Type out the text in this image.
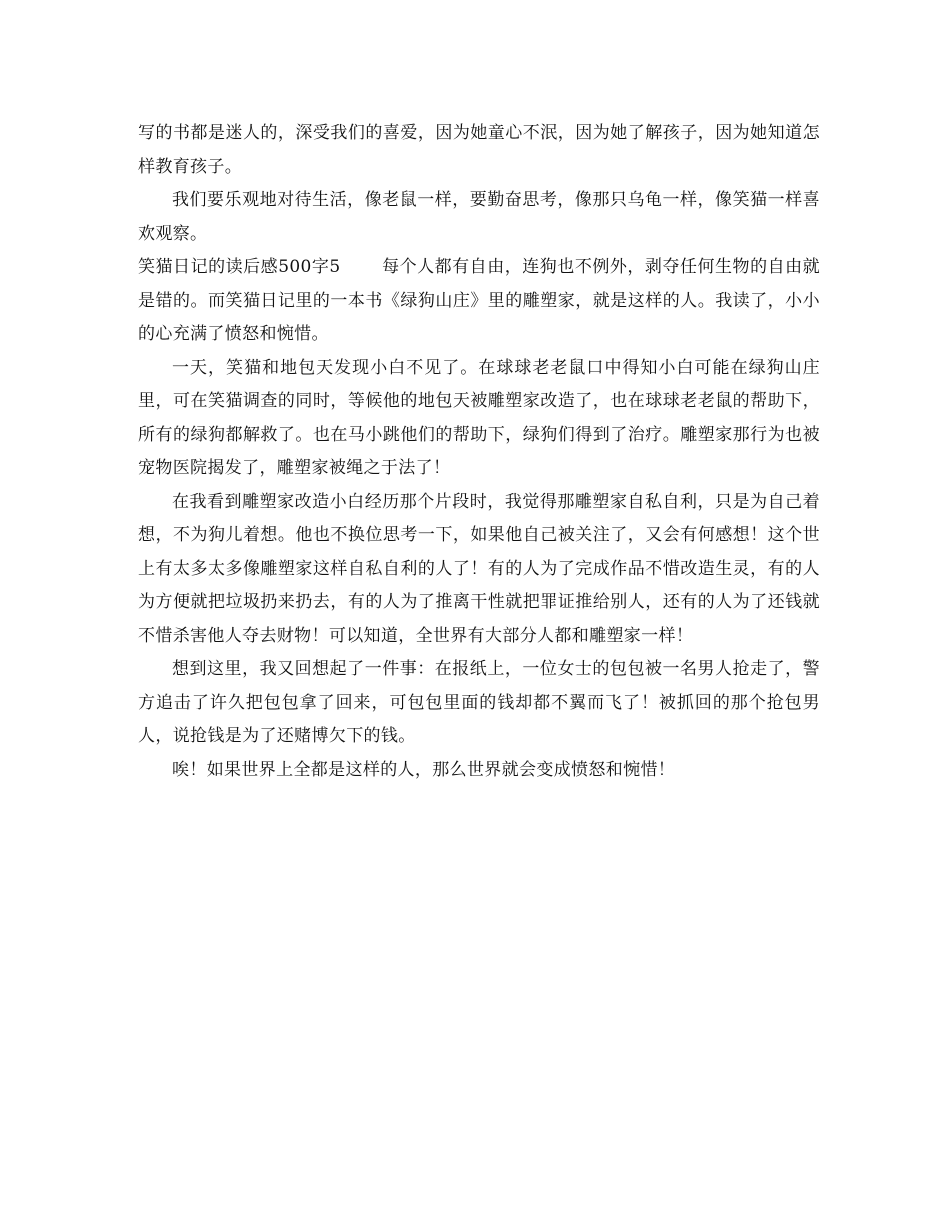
写的书都是迷人的，深受我们的喜爱，因为她童心不泯，因为她了解孩子，因为她知道怎样教育孩子。

我们要乐观地对待生活，像老鼠一样，要勤奋思考，像那只乌龟一样，像笑猫一样喜欢观察。

笑猫日记的读后感500字5 每个人都有自由，连狗也不例外，剥夺任何生物的自由就是错的。而笑猫日记里的一本书《绿狗山庄》里的雕塑家，就是这样的人。我读了，小小的心充满了愤怒和惋惜。

一天，笑猫和地包天发现小白不见了。在球球老老鼠口中得知小白可能在绿狗山庄里，可在笑猫调查的同时，等候他的地包天被雕塑家改造了，也在球球老老鼠的帮助下，所有的绿狗都解救了。也在马小跳他们的帮助下，绿狗们得到了治疗。雕塑家那行为也被宠物医院揭发了，雕塑家被绳之于法了！

在我看到雕塑家改造小白经历那个片段时，我觉得那雕塑家自私自利，只是为自己着想，不为狗儿着想。他也不换位思考一下，如果他自己被关注了，又会有何感想！这个世上有太多太多像雕塑家这样自私自利的人了！有的人为了完成作品不惜改造生灵，有的人为方便就把垃圾扔来扔去，有的人为了推离干性就把罪证推给别人，还有的人为了还钱就不惜杀害他人夺去财物！可以知道，全世界有大部分人都和雕塑家一样！

想到这里，我又回想起了一件事：在报纸上，一位女士的包包被一名男人抢走了，警方追击了许久把包包拿了回来，可包包里面的钱却都不翼而飞了！被抓回的那个抢包男人，说抢钱是为了还赌博欠下的钱。

唉！如果世界上全都是这样的人，那么世界就会变成愤怒和惋惜！
